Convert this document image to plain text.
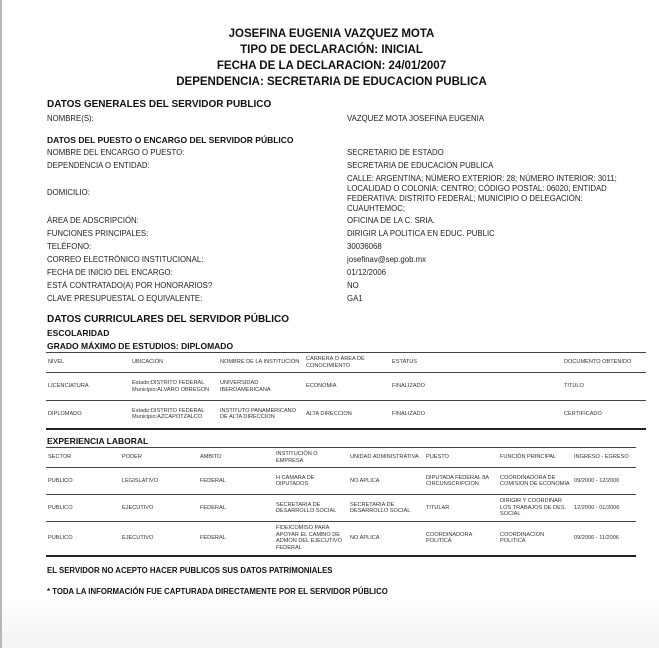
JOSEFINA EUGENIA VAZQUEZ MOTA
TIPO DE DECLARACIÓN: INICIAL
FECHA DE LA DECLARACION: 24/01/2007
DEPENDENCIA: SECRETARIA DE EDUCACION PUBLICA
DATOS GENERALES DEL SERVIDOR PUBLICO
NOMBRE(S):	VAZQUEZ MOTA JOSEFINA EUGENIA
DATOS DEL PUESTO O ENCARGO DEL SERVIDOR PÚBLICO
NOMBRE DEL ENCARGO O PUESTO:	SECRETARIO DE ESTADO
DEPENDENCIA O ENTIDAD:	SECRETARIA DE EDUCACION PUBLICA
DOMICILIO:
CALLE: ARGENTINA; NÚMERO EXTERIOR: 28; NÚMERO INTERIOR: 3011; LOCALIDAD O COLONIA: CENTRO; CÓDIGO POSTAL: 06020; ENTIDAD FEDERATIVA: DISTRITO FEDERAL; MUNICIPIO O DELEGACIÓN: CUAUHTEMOC;
ÁREA DE ADSCRIPCIÓN:	OFICINA DE LA C. SRIA.
FUNCIONES PRINCIPALES:	DIRIGIR LA POLITICA EN EDUC. PUBLIC
TELÉFONO:	30036068
CORREO ELECTRÓNICO INSTITUCIONAL:	josefinav@sep.gob.mx
FECHA DE INICIO DEL ENCARGO:	01/12/2006
ESTÁ CONTRATADO(A) POR HONORARIOS?	NO
CLAVE PRESUPUESTAL O EQUIVALENTE:	GA1
DATOS CURRICULARES DEL SERVIDOR PÚBLICO
ESCOLARIDAD
GRADO MÁXIMO DE ESTUDIOS: DIPLOMADO
NIVEL	UBICACIÓN	NOMBRE DE LA INSTITUCIÓN	CARRERA O ÁREA DE CONOCIMIENTO	ESTATUS		DOCUMENTO OBTENIDO
LICENCIATURA	Estado:DISTRITO FEDERAL Municipio:ALVARO OBREGON	UNIVERSIDAD IBEROAMERICANA	ECONOMIA	FINALIZADO		TITULO
DIPLOMADO	Estado:DISTRITO FEDERAL Municipio:AZCAPOTZALCO	INSTITUTO PANAMERICANO DE ALTA DIRECCION	ALTA DIRECCION	FINALIZADO		CERTIFICADO
EXPERIENCIA LABORAL
SECTOR	PODER	AMBITO	INSTITUCIÓN O EMPRESA	UNIDAD ADMINISTRATIVA	PUESTO	FUNCIÓN PRINCIPAL	INGRESO - EGRESO
PUBLICO	LEGISLATIVO	FEDERAL	H CAMARA DE DIPUTADOS	NO APLICA	DIPUTADA FEDERAL 8A CIRCUNSCRIPCION	COORDINADORA DE COMISION DE ECONOMIA	09/2000 - 12/2000
PUBLICO	EJECUTIVO	FEDERAL	SECRETARIA DE DESARROLLO SOCIAL	SECRETARIA DE DESARROLLO SOCIAL	TITULAR	DIRIGIR Y COORDINAR LOS TRABAJOS DE DES. SOCIAL	12/2000 - 01/2006
PUBLICO	EJECUTIVO	FEDERAL	FIDEICOMISO PARA APOYAR EL CAMBIO DE ADMON DEL EJECUTIVO FEDERAL	NO APLICA	COORDINADORA POLITICA	COORDINACION POLITICA	09/2006 - 11/2006
EL SERVIDOR NO ACEPTO HACER PUBLICOS SUS DATOS PATRIMONIALES
* TODA LA INFORMACIÓN FUE CAPTURADA DIRECTAMENTE POR EL SERVIDOR PÚBLICO
